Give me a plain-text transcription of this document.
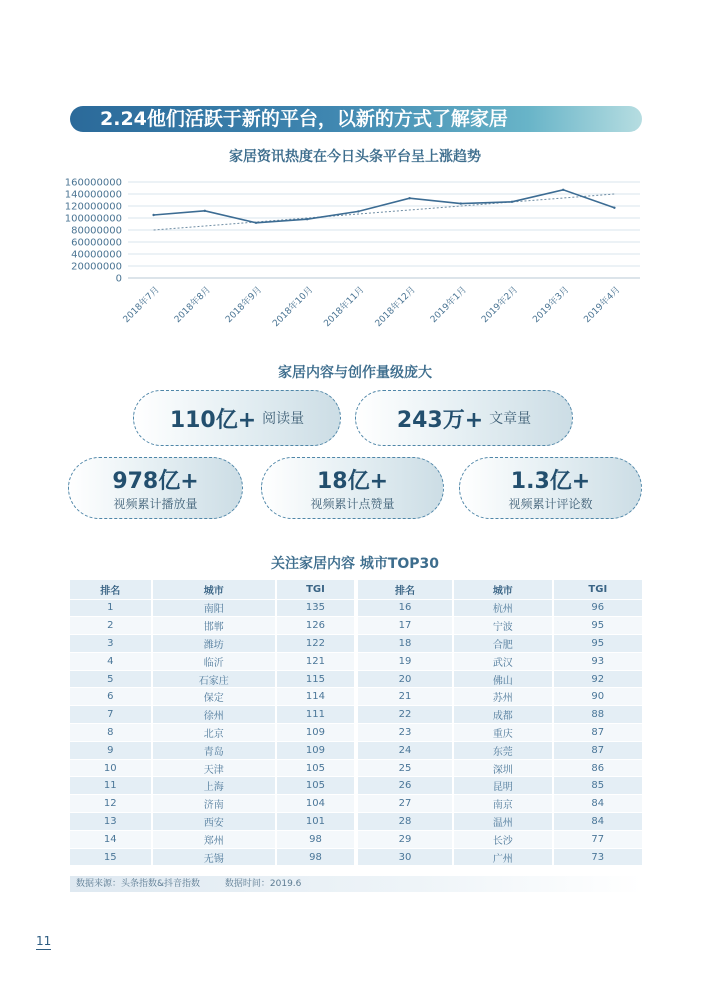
2.24他们活跃于新的平台，以新的方式了解家居
家居资讯热度在今日头条平台呈上涨趋势
0
20000000
40000000
60000000
80000000
100000000
120000000
140000000
160000000
2018年7月 2018年8月 2018年9月 2018年10月 2018年11月 2018年12月 2019年1月 2019年2月 2019年3月 2019年4月
家居内容与创作量级庞大
110亿+ 阅读量	243万+ 文章量
978亿+
视频累计播放量
18亿+
视频累计点赞量
1.3亿+
视频累计评论数
关注家居内容 城市TOP30
排名	城市	TGI
1	南阳	135
2	邯郸	126
3	潍坊	122
4	临沂	121
5	石家庄	115
6	保定	114
7	徐州	111
8	北京	109
9	青岛	109
10	天津	105
11	上海	105
12	济南	104
13	西安	101
14	郑州	98
15	无锡	98
排名	城市	TGI
16	杭州	96
17	宁波	95
18	合肥	95
19	武汉	93
20	佛山	92
21	苏州	90
22	成都	88
23	重庆	87
24	东莞	87
25	深圳	86
26	昆明	85
27	南京	84
28	温州	84
29	长沙	77
30	广州	73
数据来源：头条指数&抖音指数	数据时间：2019.6
11
